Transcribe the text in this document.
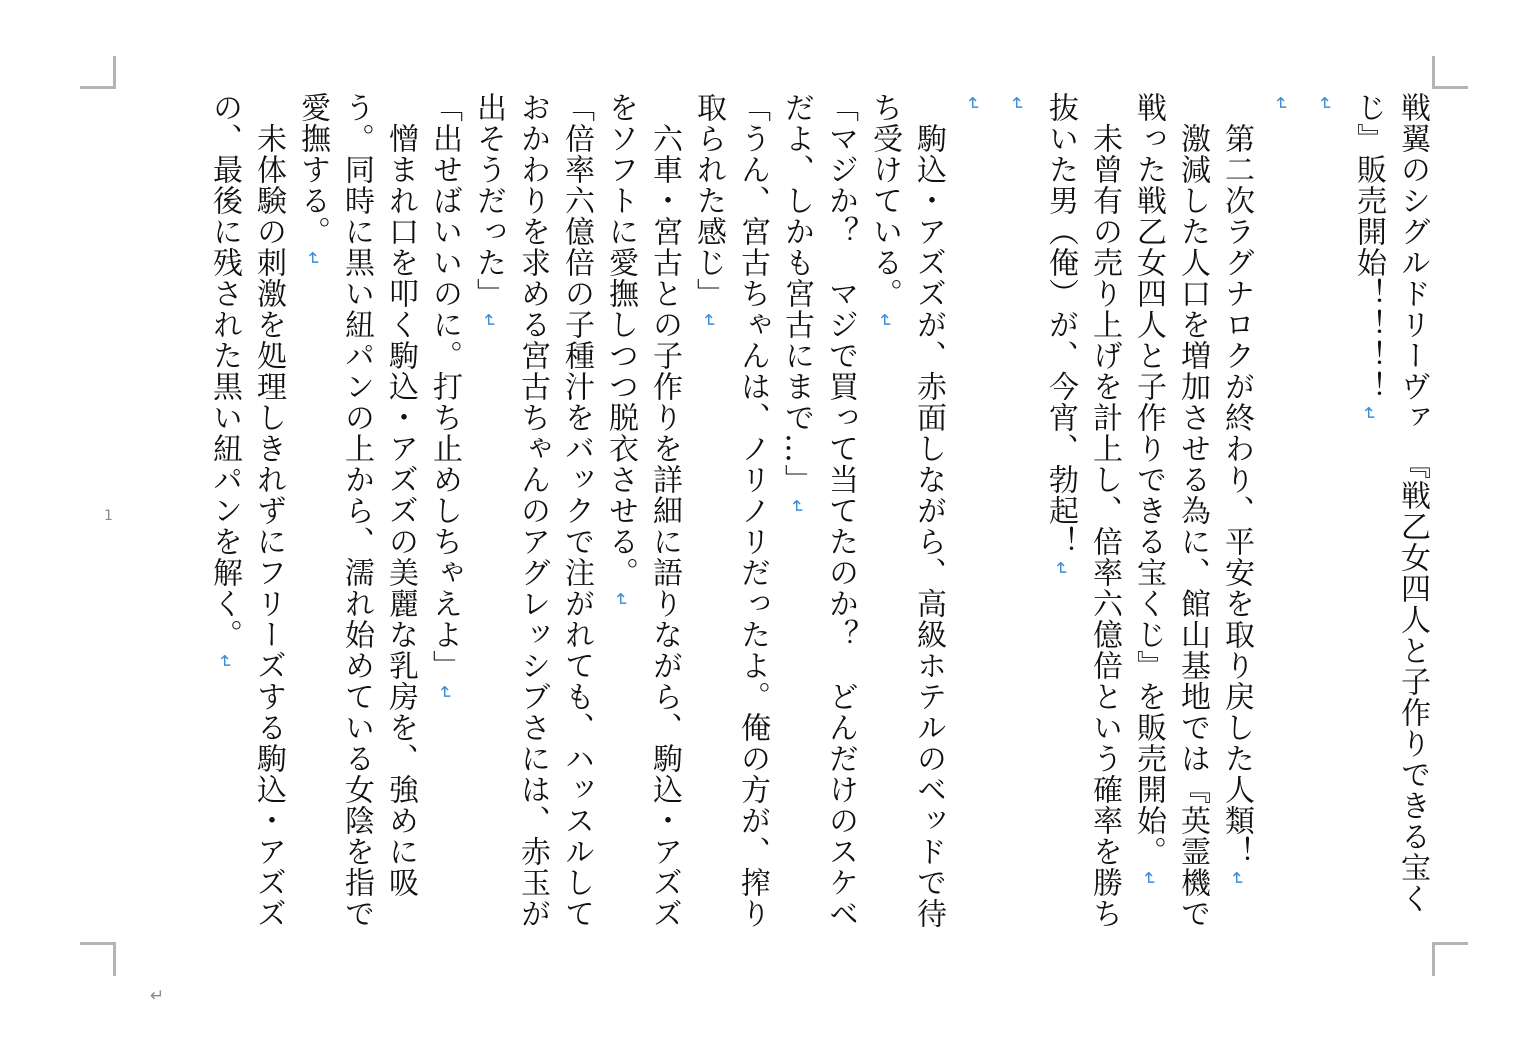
戦翼のシグルドリーヴァ　『戦乙女四人と子作りできる宝くじ』販売開始！！！！↵

↵

↵

　第二次ラグナロクが終わり、平安を取り戻した人類！↵

　激減した人口を増加させる為に、館山基地では『英霊機で戦った戦乙女四人と子作りできる宝くじ』を販売開始。↵

　未曾有の売り上げを計上し、倍率六億倍という確率を勝ち抜いた男（俺）が、今宵、勃起！↵

↵

↵

　駒込・アズズが、赤面しながら、高級ホテルのベッドで待ち受けている。↵

「マジか？　マジで買って当てたのか？　どんだけのスケベだよ、しかも宮古にまで…」↵

「うん、宮古ちゃんは、ノリノリだったよ。俺の方が、搾り取られた感じ」↵

　六車・宮古との子作りを詳細に語りながら、駒込・アズズをソフトに愛撫しつつ脱衣させる。↵

「倍率六億倍の子種汁をバックで注がれても、ハッスルしておかわりを求める宮古ちゃんのアグレッシブさには、赤玉が出そうだった」↵

「出せばいいのに。打ち止めしちゃえよ」↵

　憎まれ口を叩く駒込・アズズの美麗な乳房を、強めに吸う。同時に黒い紐パンの上から、濡れ始めている女陰を指で愛撫する。↵

　未体験の刺激を処理しきれずにフリーズする駒込・アズズの、最後に残された黒い紐パンを解く。↵

1
↵
